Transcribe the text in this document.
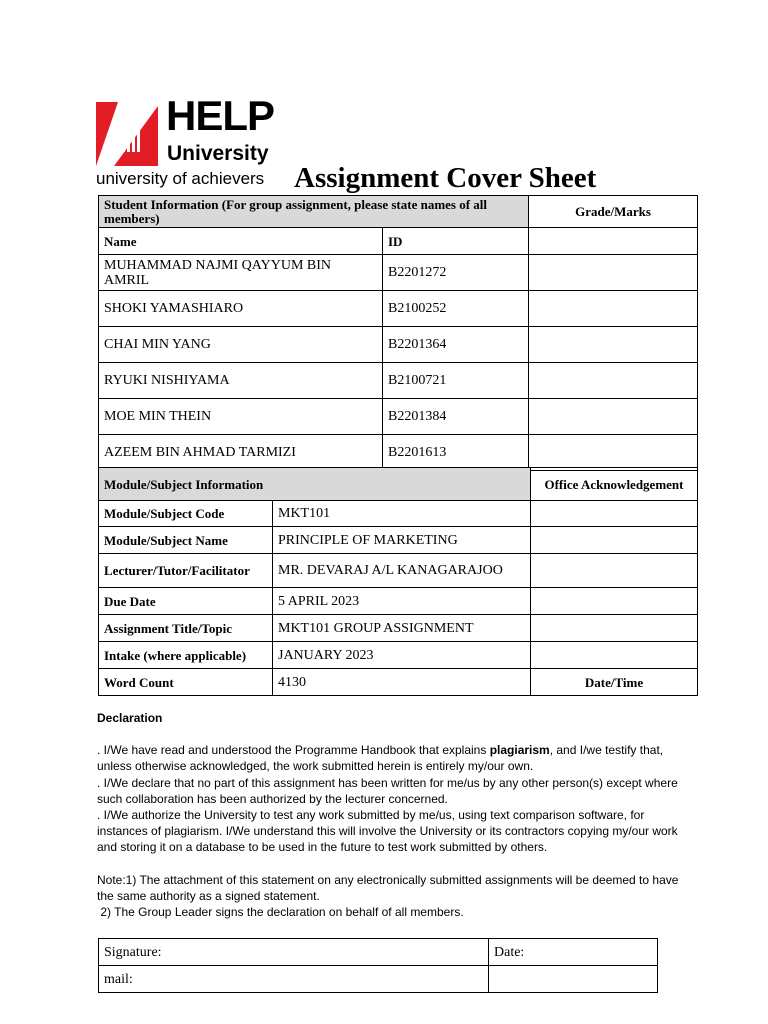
HELP
University
university of achievers Assignment Cover Sheet
Student Information (For group assignment, please state names of all members)		Grade/Marks
Name	ID	
MUHAMMAD NAJMI QAYYUM BIN AMRIL	B2201272	
SHOKI YAMASHIARO	B2100252	
CHAI MIN YANG	B2201364	
RYUKI NISHIYAMA	B2100721	
MOE MIN THEIN	B2201384	
AZEEM BIN AHMAD TARMIZI	B2201613	
Module/Subject Information		Office Acknowledgement
Module/Subject Code	MKT101	
Module/Subject Name	PRINCIPLE OF MARKETING	
Lecturer/Tutor/Facilitator	MR. DEVARAJ A/L KANAGARAJOO	
Due Date	5 APRIL 2023	
Assignment Title/Topic	MKT101 GROUP ASSIGNMENT	
Intake (where applicable)	JANUARY 2023	
Word Count	4130	Date/Time

Declaration

. I/We have read and understood the Programme Handbook that explains plagiarism, and I/we testify that, unless otherwise acknowledged, the work submitted herein is entirely my/our own.

. I/We declare that no part of this assignment has been written for me/us by any other person(s) except where such collaboration has been authorized by the lecturer concerned.

. I/We authorize the University to test any work submitted by me/us, using text comparison software, for instances of plagiarism. I/We understand this will involve the University or its contractors copying my/our work and storing it on a database to be used in the future to test work submitted by others.

Note:1) The attachment of this statement on any electronically submitted assignments will be deemed to have the same authority as a signed statement.

2) The Group Leader signs the declaration on behalf of all members.

Signature:	Date:
mail:	
